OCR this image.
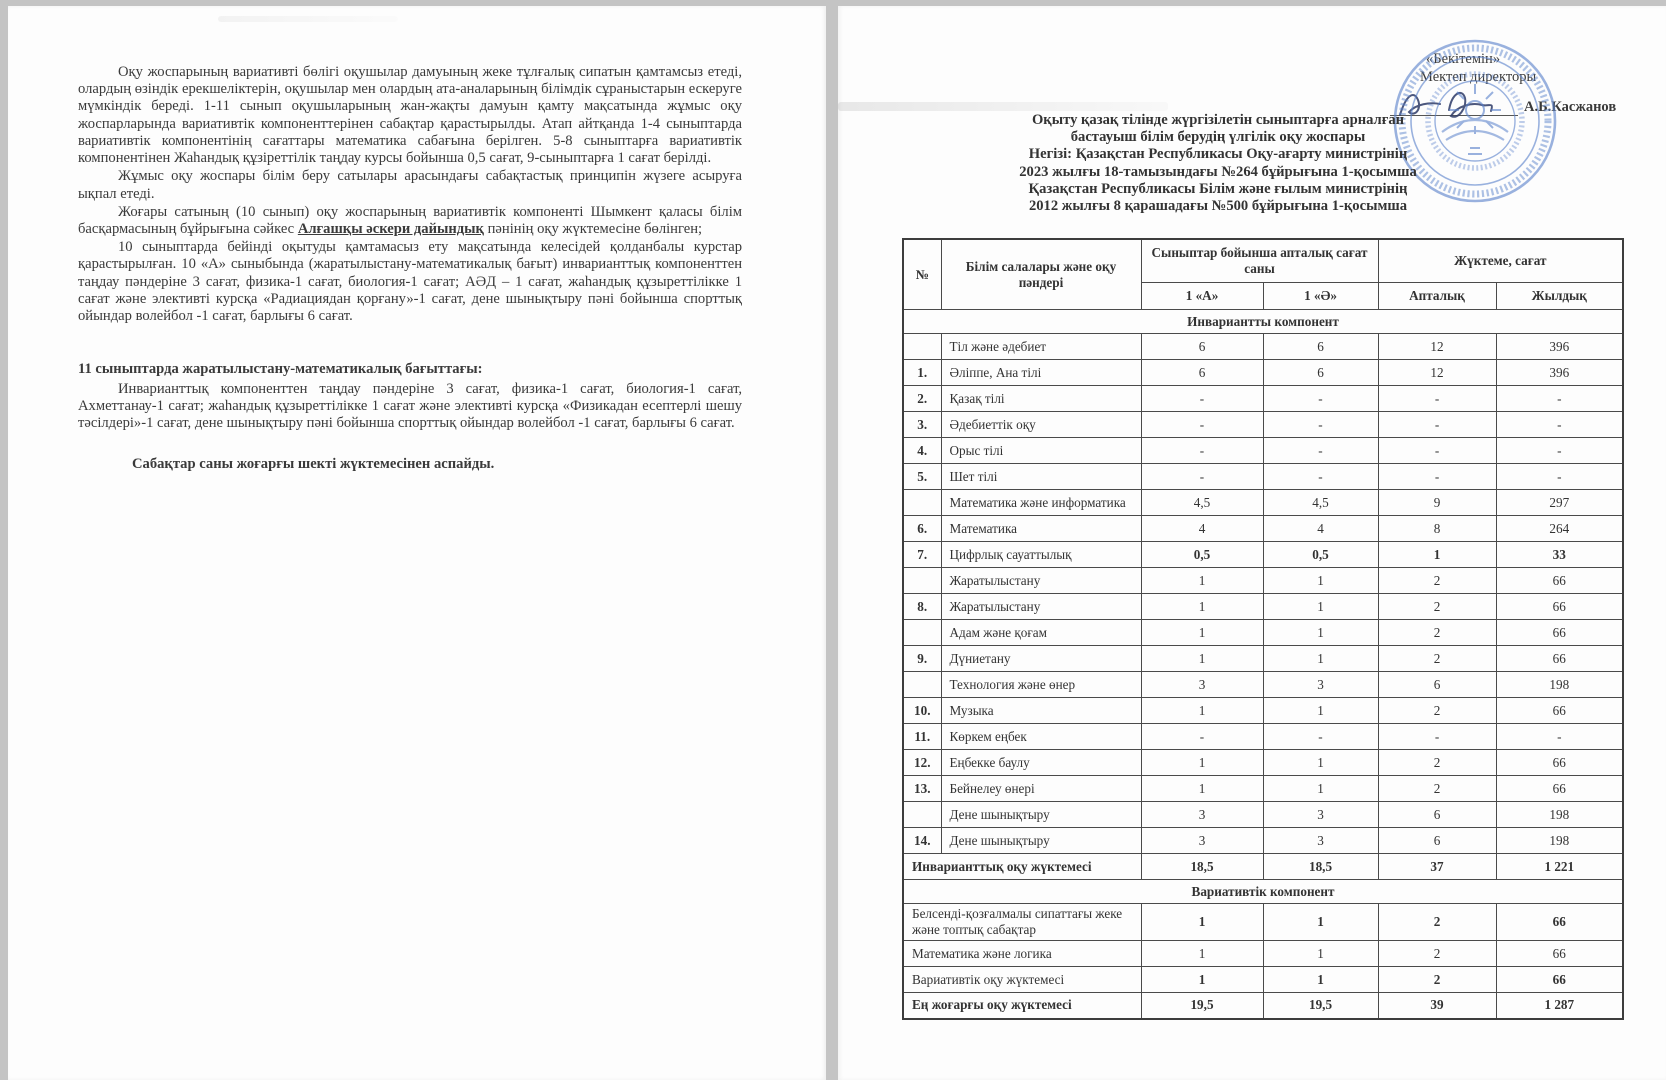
Оқу жоспарының вариативті бөлігі оқушылар дамуының жеке тұлғалық сипатын қамтамсыз етеді, олардың өзіндік ерекшеліктерін, оқушылар мен олардың ата-аналарының білімдік сұраныстарын ескеруге мүмкіндік береді. 1-11 сынып оқушыларының жан-жақты дамуын қамту мақсатында жұмыс оқу жоспарларында вариативтік компоненттерінен сабақтар қарастырылды. Атап айтқанда 1-4 сыныптарда вариативтік компонентінің сағаттары математика сабағына берілген. 5-8 сыныптарға вариативтік компонентінен Жаһандық құзіреттілік таңдау курсы бойынша 0,5 сағат, 9-сыныптарға 1 сағат берілді.

Жұмыс оқу жоспары білім беру сатылары арасындағы сабақтастық принципін жүзеге асыруға ықпал етеді.

Жоғары сатының (10 сынып) оқу жоспарының вариативтік компоненті Шымкент қаласы білім басқармасының бұйрығына сәйкес Алғашқы әскери дайындық пәнінің оқу жүктемесіне бөлінген;

10 сыныптарда бейінді оқытуды қамтамасыз ету мақсатында келесідей қолданбалы курстар қарастырылған. 10 «А» сыныбында (жаратылыстану-математикалық бағыт) инварианттық компоненттен таңдау пәндеріне 3 сағат, физика-1 сағат, биология-1 сағат; АӘД – 1 сағат, жаһандық құзыреттілікке 1 сағат және элективті курсқа «Радиациядан қорғану»-1 сағат, дене шынықтыру пәні бойынша спорттық ойындар волейбол -1 сағат, барлығы 6 сағат.

11 сыныптарда жаратылыстану-математикалық бағыттағы:

Инварианттық компоненттен таңдау пәндеріне 3 сағат, физика-1 сағат, биология-1 сағат, Ахметтанау-1 сағат; жаһандық құзыреттілікке 1 сағат және элективті курсқа «Физикадан есептерлі шешу тәсілдері»-1 сағат, дене шынықтыру пәні бойынша спорттық ойындар волейбол -1 сағат, барлығы 6 сағат.

Сабақтар саны жоғарғы шекті жүктемесінен аспайды.

«Бекітемін»
Мектеп директоры
А.Б.Касжанов
Оқыту қазақ тілінде жүргізілетін сыныптарға арналған
бастауыш білім берудің үлгілік оқу жоспары
Негізі: Қазақстан Республикасы Оқу-ағарту министрінің
2023 жылғы 18-тамызындағы №264 бұйрығына 1-қосымша
Қазақстан Республикасы Білім және ғылым министрінің
2012 жылғы 8 қарашадағы №500 бұйрығына 1-қосымша
№	Білім салалары және оқу пәндері	Сыныптар бойынша апталық сағат саны		Жүктеме, сағат	
		1 «А»	1 «Ә»	Апталық	Жылдық
Инвариантты компонент					
	Тіл және әдебиет	6	6	12	396
1.	Әліппе, Ана тілі	6	6	12	396
2.	Қазақ тілі	-	-	-	-
3.	Әдебиеттік оқу	-	-	-	-
4.	Орыс тілі	-	-	-	-
5.	Шет тілі	-	-	-	-
	Математика және информатика	4,5	4,5	9	297
6.	Математика	4	4	8	264
7.	Цифрлық сауаттылық	0,5	0,5	1	33
	Жаратылыстану	1	1	2	66
8.	Жаратылыстану	1	1	2	66
	Адам және қоғам	1	1	2	66
9.	Дүниетану	1	1	2	66
	Технология және өнер	3	3	6	198
10.	Музыка	1	1	2	66
11.	Көркем еңбек	-	-	-	-
12.	Еңбекке баулу	1	1	2	66
13.	Бейнелеу өнері	1	1	2	66
	Дене шынықтыру	3	3	6	198
14.	Дене шынықтыру	3	3	6	198
Инварианттық оқу жүктемесі		18,5	18,5	37	1 221
Вариативтік компонент					
Белсенді-қозғалмалы сипаттағы жеке және топтық сабақтар		1	1	2	66
Математика және логика		1	1	2	66
Вариативтік оқу жүктемесі		1	1	2	66
Ең жоғарғы оқу жүктемесі		19,5	19,5	39	1 287
